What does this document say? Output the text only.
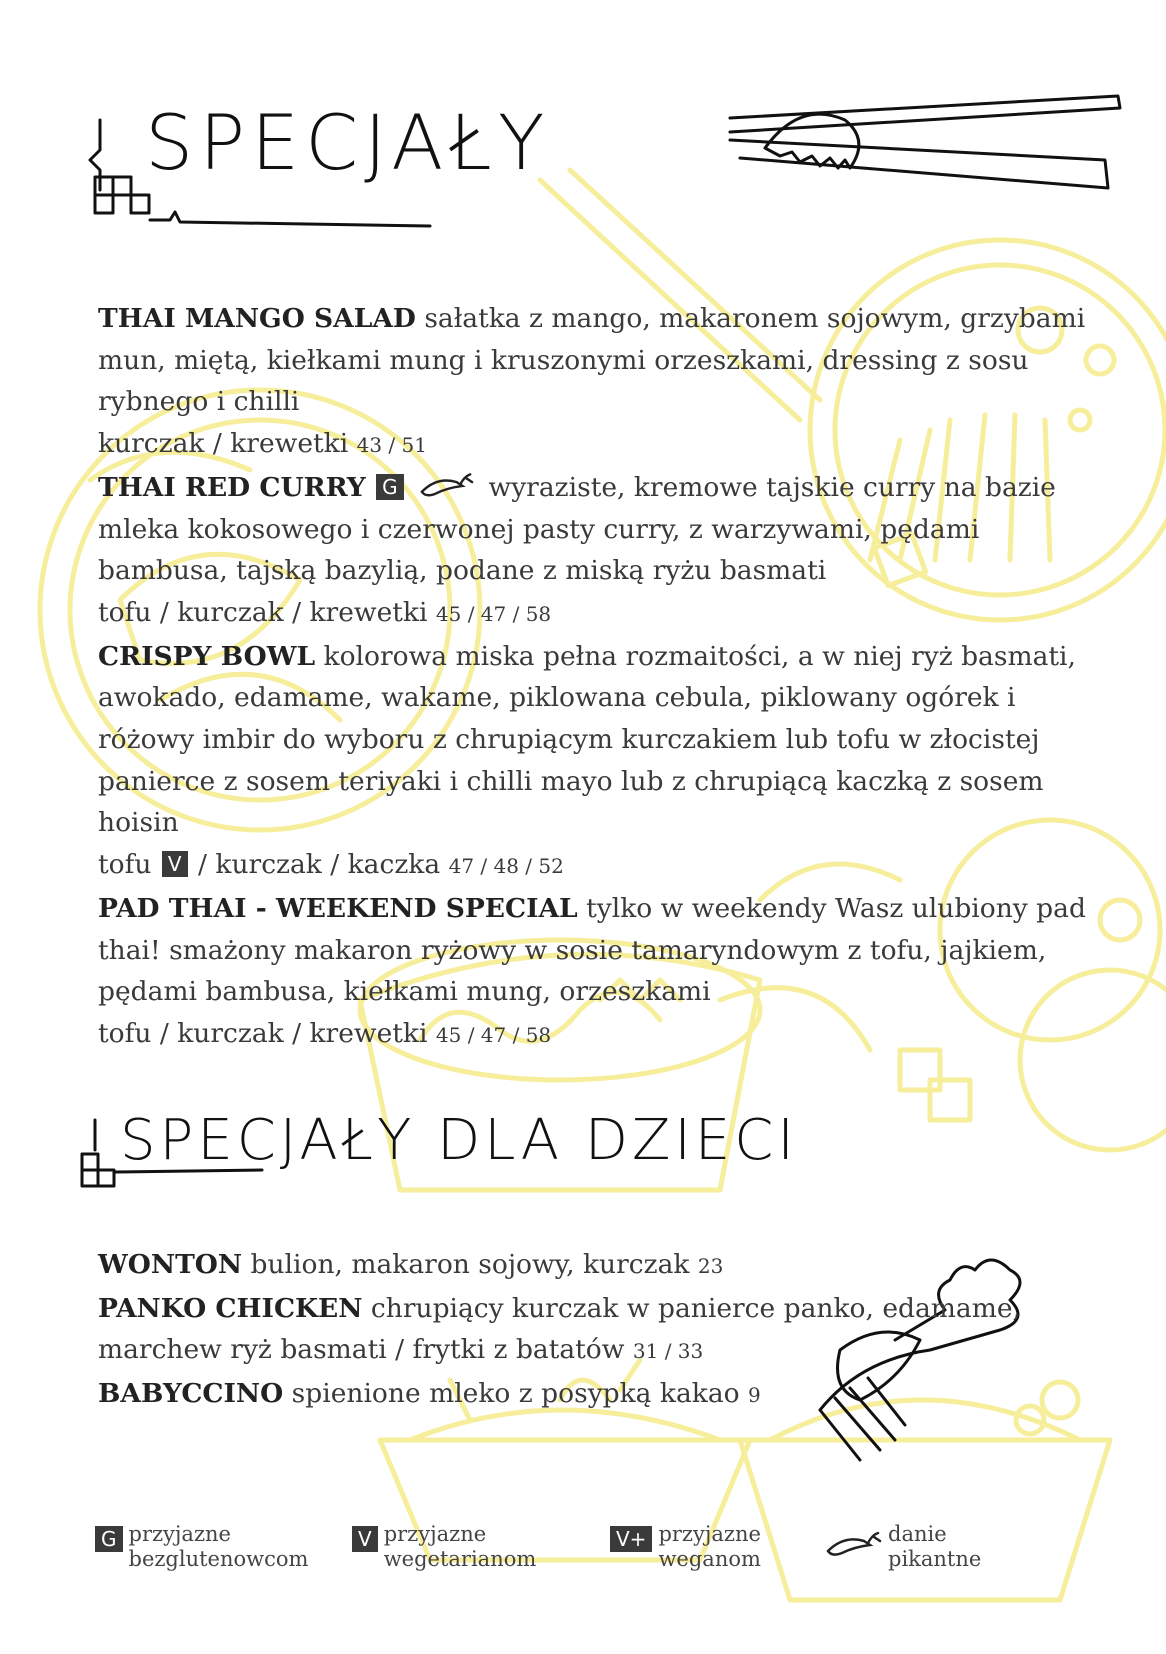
SPECJAŁY

THAI MANGO SALAD sałatka z mango, makaronem sojowym, grzybami mun, miętą, kiełkami mung i kruszonymi orzeszkami, dressing z sosu rybnego i chilli
kurczak / krewetki 43 / 51

THAI RED CURRY G	wyraziste, kremowe tajskie curry na bazie mleka kokosowego i czerwonej pasty curry, z warzywami, pędami bambusa, tajską bazylią, podane z miską ryżu basmati
tofu / kurczak / krewetki 45 / 47 / 58

CRISPY BOWL kolorowa miska pełna rozmaitości, a w niej ryż basmati, awokado, edamame, wakame, piklowana cebula, piklowany ogórek i różowy imbir do wyboru z chrupiącym kurczakiem lub tofu w złocistej panierce z sosem teriyaki i chilli mayo lub z chrupiącą kaczką z sosem hoisin
tofu V / kurczak / kaczka 47 / 48 / 52

PAD THAI - WEEKEND SPECIAL tylko w weekendy Wasz ulubiony pad thai! smażony makaron ryżowy w sosie tamaryndowym z tofu, jajkiem, pędami bambusa, kiełkami mung, orzeszkami
tofu / kurczak / krewetki 45 / 47 / 58

SPECJAŁY DLA DZIECI

WONTON bulion, makaron sojowy, kurczak 23

PANKO CHICKEN chrupiący kurczak w panierce panko, edamame, marchew ryż basmati / frytki z batatów 31 / 33

BABYCCINO spienione mleko z posypką kakao 9

G przyjazne
bezglutenowcom
V przyjazne
wegetarianom
V+ przyjazne
weganom
danie
pikantne
